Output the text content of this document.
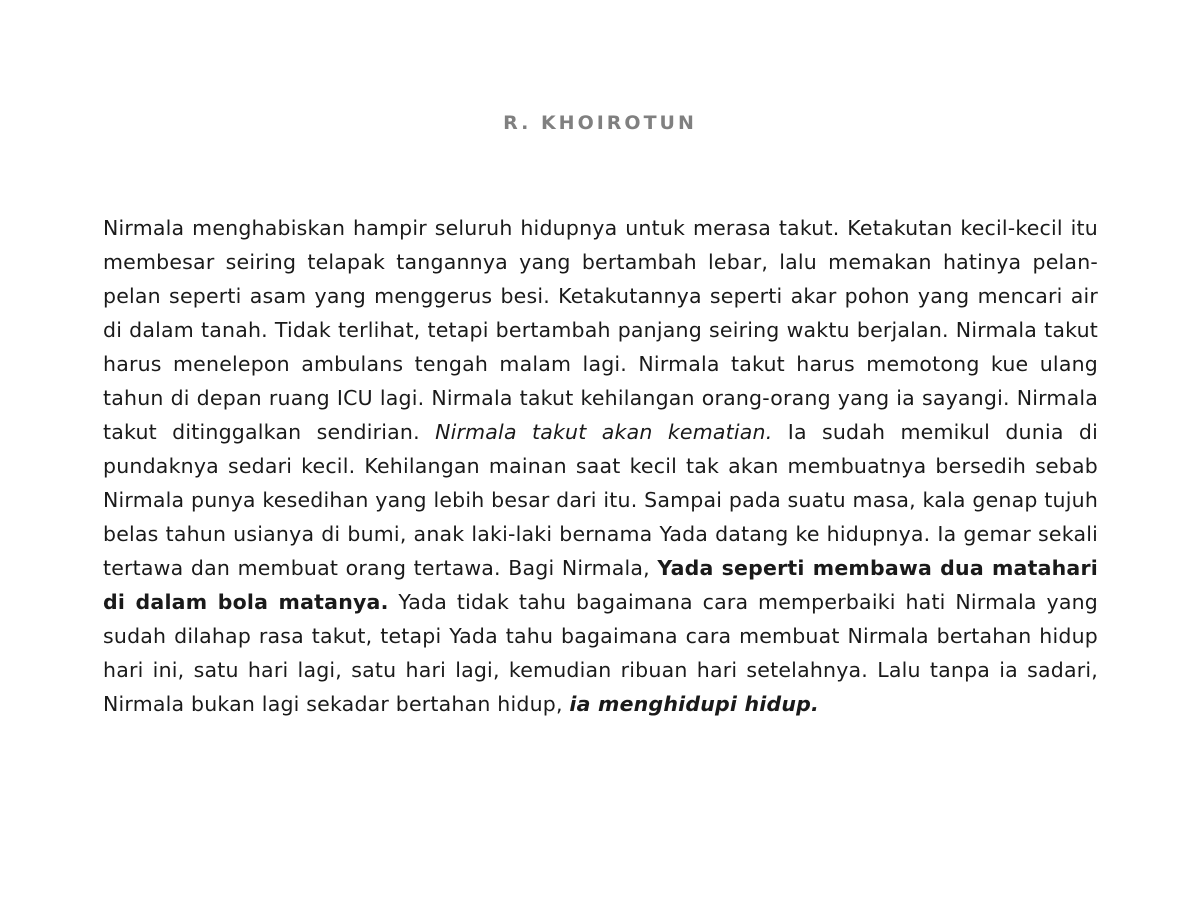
R. KHOIROTUN

Nirmala menghabiskan hampir seluruh hidupnya untuk merasa takut. Ketakutan kecil-kecil itu membesar seiring telapak tangannya yang bertambah lebar, lalu memakan hatinya pelan-pelan seperti asam yang menggerus besi. Ketakutannya seperti akar pohon yang mencari air di dalam tanah. Tidak terlihat, tetapi bertambah panjang seiring waktu berjalan. Nirmala takut harus menelepon ambulans tengah malam lagi. Nirmala takut harus memotong kue ulang tahun di depan ruang ICU lagi. Nirmala takut kehilangan orang-orang yang ia sayangi. Nirmala takut ditinggalkan sendirian. Nirmala takut akan kematian. Ia sudah memikul dunia di pundaknya sedari kecil. Kehilangan mainan saat kecil tak akan membuatnya bersedih sebab Nirmala punya kesedihan yang lebih besar dari itu. Sampai pada suatu masa, kala genap tujuh belas tahun usianya di bumi, anak laki-laki bernama Yada datang ke hidupnya. Ia gemar sekali tertawa dan membuat orang tertawa. Bagi Nirmala, Yada seperti membawa dua matahari di dalam bola matanya. Yada tidak tahu bagaimana cara memperbaiki hati Nirmala yang sudah dilahap rasa takut, tetapi Yada tahu bagaimana cara membuat Nirmala bertahan hidup hari ini, satu hari lagi, satu hari lagi, kemudian ribuan hari setelahnya. Lalu tanpa ia sadari, Nirmala bukan lagi sekadar bertahan hidup, ia menghidupi hidup.
